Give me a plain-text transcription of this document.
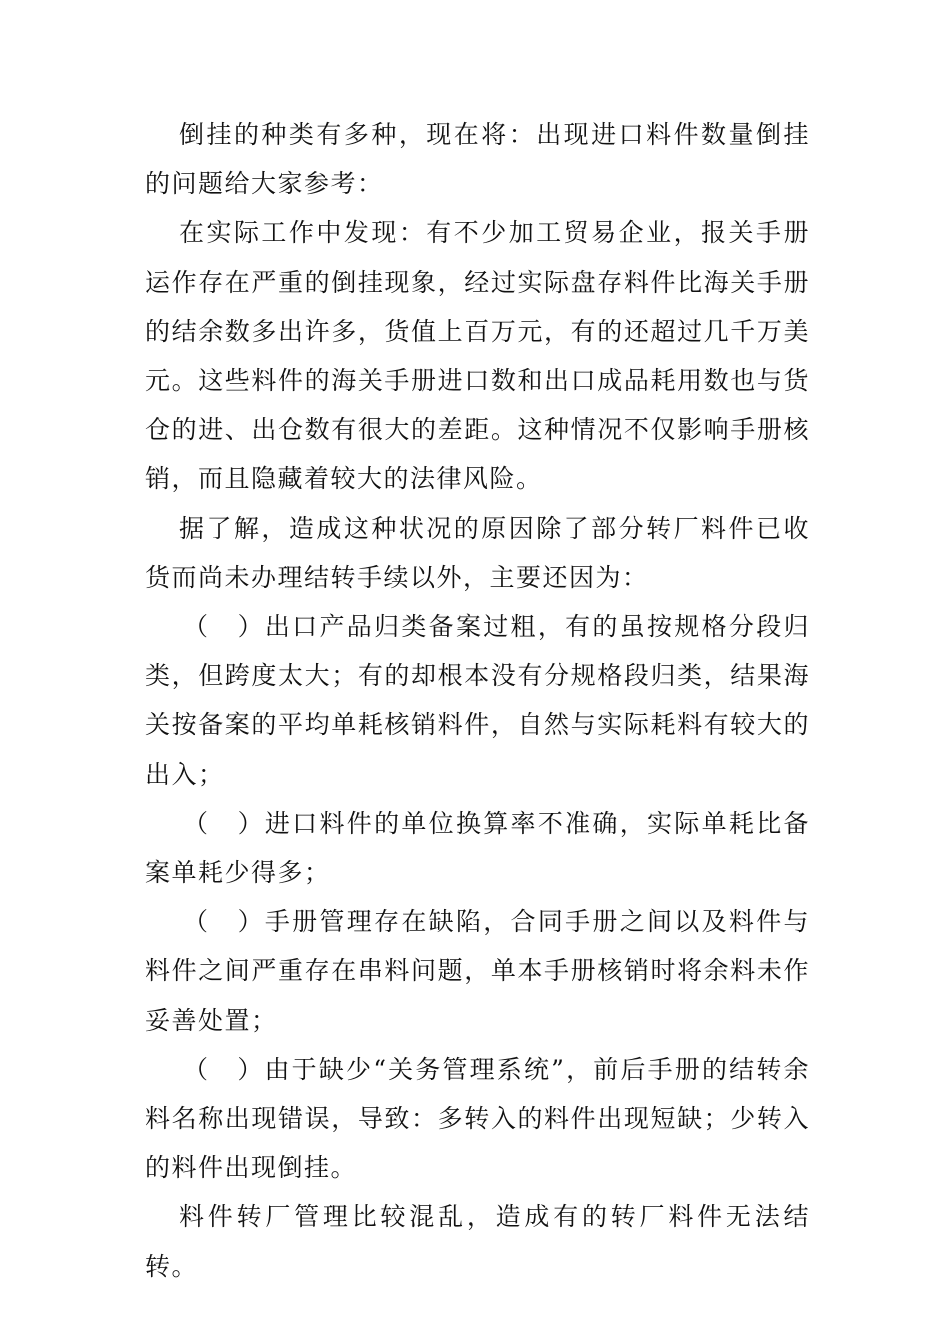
倒挂的种类有多种，现在将：出现进口料件数量倒挂的问题给大家参考：

在实际工作中发现：有不少加工贸易企业，报关手册运作存在严重的倒挂现象，经过实际盘存料件比海关手册的结余数多出许多，货值上百万元，有的还超过几千万美元。这些料件的海关手册进口数和出口成品耗用数也与货仓的进、出仓数有很大的差距。这种情况不仅影响手册核销，而且隐藏着较大的法律风险。

据了解，造成这种状况的原因除了部分转厂料件已收货而尚未办理结转手续以外，主要还因为：

（　）出口产品归类备案过粗，有的虽按规格分段归类，但跨度太大；有的却根本没有分规格段归类，结果海关按备案的平均单耗核销料件，自然与实际耗料有较大的出入；

（　）进口料件的单位换算率不准确，实际单耗比备案单耗少得多；

（　）手册管理存在缺陷，合同手册之间以及料件与料件之间严重存在串料问题，单本手册核销时将余料未作妥善处置；

（　）由于缺少“关务管理系统”，前后手册的结转余料名称出现错误，导致：多转入的料件出现短缺；少转入的料件出现倒挂。

料件转厂管理比较混乱，造成有的转厂料件无法结转。
